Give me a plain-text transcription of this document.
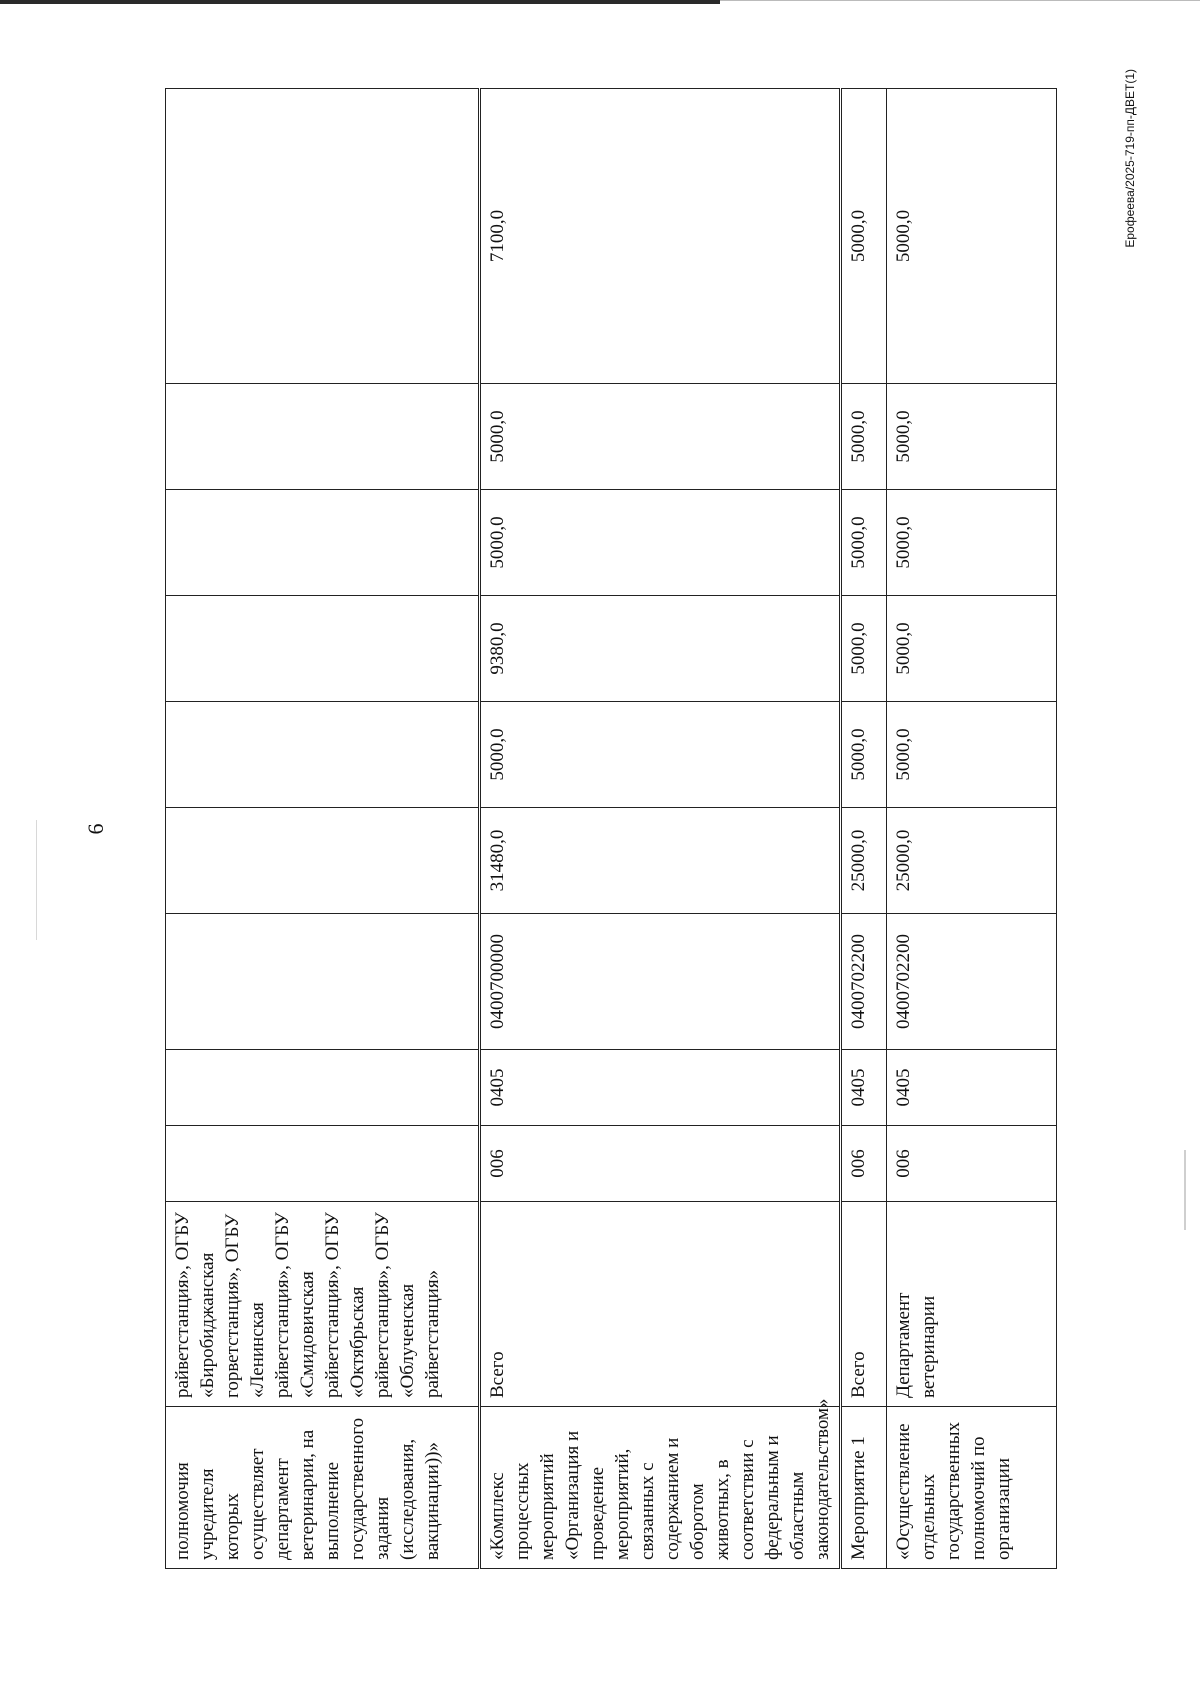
6
полномочия учредителя которых осуществляет департамент ветеринарии, на выполнение государственного задания (исследования, вакцинации))»	райветстанция», ОГБУ «Биробиджанская горветстанция», ОГБУ «Ленинская райветстанция», ОГБУ «Смидовичская райветстанция», ОГБУ «Октябрьская райветстанция», ОГБУ «Облученская райветстанция»									
«Комплекс процессных мероприятий «Организация и проведение мероприятий, связанных с содержанием и оборотом животных, в соответствии с федеральным и областным законодательством»	Всего	006	0405	0400700000	31480,0	5000,0	9380,0	5000,0	5000,0	7100,0
Мероприятие 1	Всего	006	0405	0400702200	25000,0	5000,0	5000,0	5000,0	5000,0	5000,0
«Осуществление отдельных государственных полномочий по организации	Департамент ветеринарии	006	0405	0400702200	25000,0	5000,0	5000,0	5000,0	5000,0	5000,0	Ерофеева/2025-719-пп-ДВЕТ(1)
